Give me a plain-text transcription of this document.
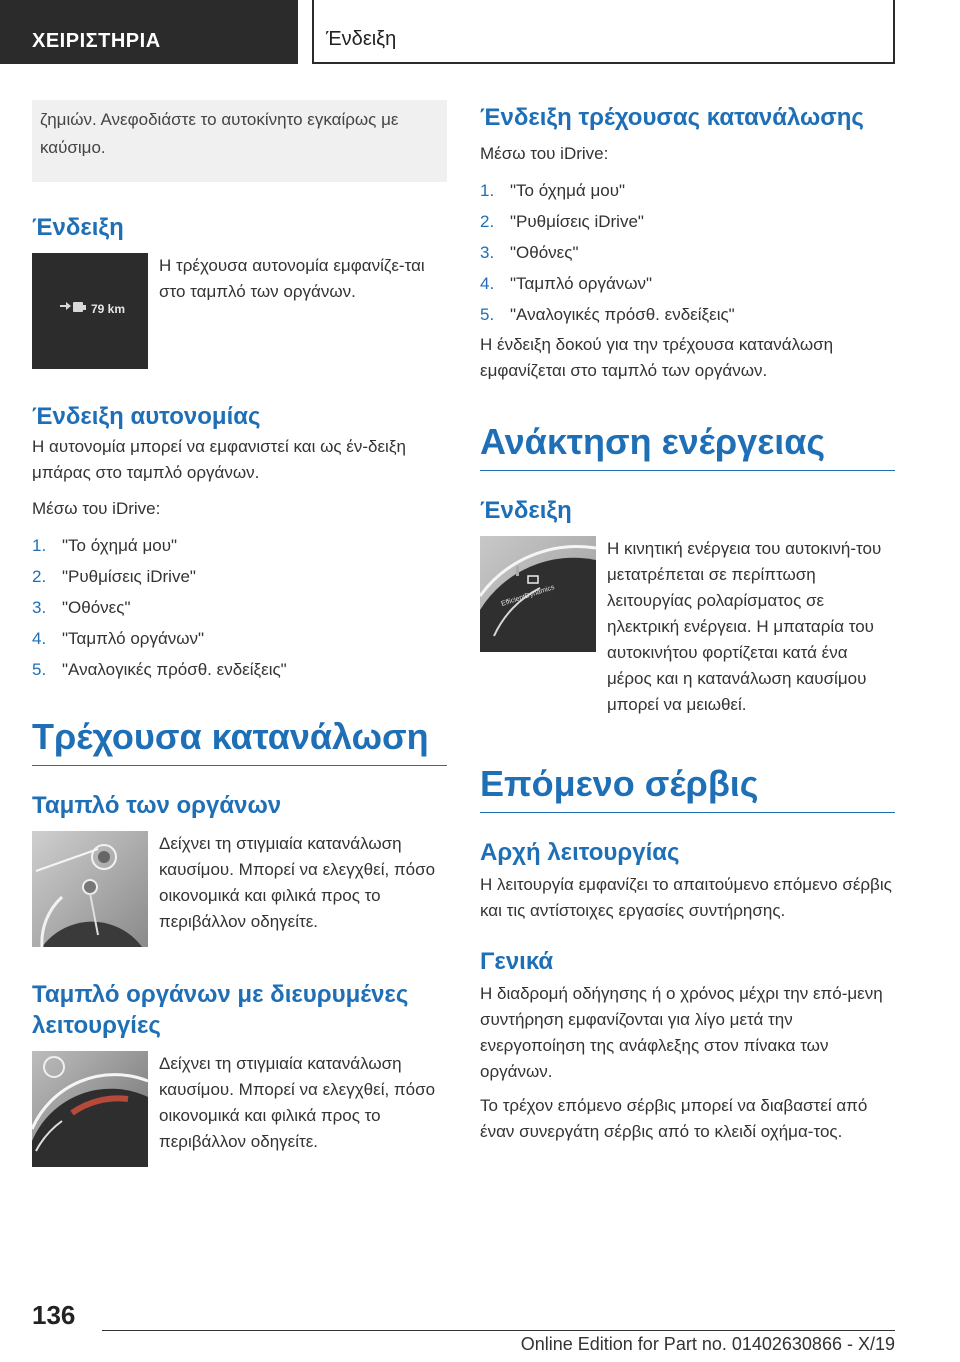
ΧΕΙΡΙΣΤΗΡΙΑ	Ένδειξη
ζημιών. Ανεφοδιάστε το αυτοκίνητο εγκαίρως με καύσιμο.
Ένδειξη
79 km
Η τρέχουσα αυτονομία εμφανίζε-ται στο ταμπλό των οργάνων.
Ένδειξη αυτονομίας

Η αυτονομία μπορεί να εμφανιστεί και ως έν-δειξη μπάρας στο ταμπλό οργάνων.

Μέσω του iDrive:

1. "Το όχημά μου"
2. "Ρυθμίσεις iDrive"
3. "Οθόνες"
4. "Ταμπλό οργάνων"
5. "Αναλογικές πρόσθ. ενδείξεις"
Τρέχουσα κατανάλωση
Ταμπλό των οργάνων
Δείχνει τη στιγμιαία κατανάλωση καυσίμου. Μπορεί να ελεγχθεί, πόσο οικονομικά και φιλικά προς το περιβάλλον οδηγείτε.
Ταμπλό οργάνων με διευρυμένες λειτουργίες
Δείχνει τη στιγμιαία κατανάλωση καυσίμου. Μπορεί να ελεγχθεί, πόσο οικονομικά και φιλικά προς το περιβάλλον οδηγείτε.
Ένδειξη τρέχουσας κατανάλωσης

Μέσω του iDrive:

1. "Το όχημά μου"
2. "Ρυθμίσεις iDrive"
3. "Οθόνες"
4. "Ταμπλό οργάνων"
5. "Αναλογικές πρόσθ. ενδείξεις"

Η ένδειξη δοκού για την τρέχουσα κατανάλωση εμφανίζεται στο ταμπλό των οργάνων.

Ανάκτηση ενέργειας
Ένδειξη
EfficientDynamics
Η κινητική ενέργεια του αυτοκινή-του μετατρέπεται σε περίπτωση λειτουργίας ρολαρίσματος σε ηλεκτρική ενέργεια. Η μπαταρία του αυτοκινήτου φορτίζεται κατά ένα μέρος και η κατανάλωση καυσίμου μπορεί να μειωθεί.
Επόμενο σέρβις
Αρχή λειτουργίας

Η λειτουργία εμφανίζει το απαιτούμενο επόμενο σέρβις και τις αντίστοιχες εργασίες συντήρησης.

Γενικά

Η διαδρομή οδήγησης ή ο χρόνος μέχρι την επό-μενη συντήρηση εμφανίζονται για λίγο μετά την ενεργοποίηση της ανάφλεξης στον πίνακα των οργάνων.

Το τρέχον επόμενο σέρβις μπορεί να διαβαστεί από έναν συνεργάτη σέρβις από το κλειδί οχήμα-τος.

136
Online Edition for Part no. 01402630866 - X/19
